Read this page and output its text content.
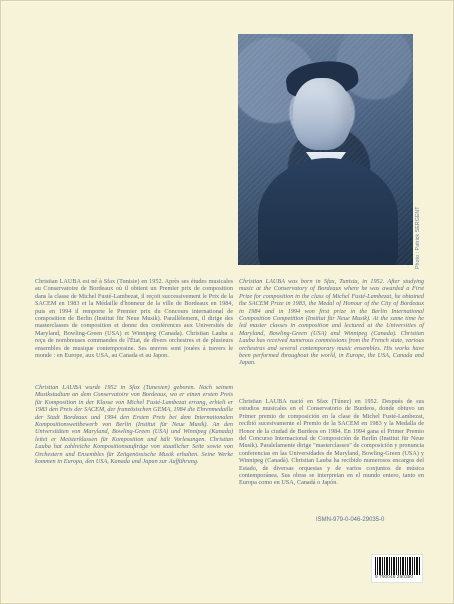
Photo : Patrick SERGENT

Christian LAUBA est né à Sfax (Tunisie) en 1952. Après ses études musicales au Conservatoire de Bordeaux où il obtient un Premier prix de composition dans la classe de Michel Fusté-Lambezat, il reçoit successivement le Prix de la SACEM en 1983 et la Médaille d'honneur de la ville de Bordeaux en 1984, puis en 1994 il remporte le Premier prix du Concours international de composition de Berlin (Institut für Neue Musik). Parallèlement, il dirige des masterclasses de composition et donne des conférences aux Universités de Maryland, Bowling-Green (USA) et Winnipeg (Canada). Christian Lauba a reçu de nombreuses commandes de l'État, de divers orchestres et de plusieurs ensembles de musique contemporaine. Ses œuvres sont jouées à travers le monde : en Europe, aux USA, au Canada et au Japon.

Christian LAUBA wurde 1952 in Sfax (Tunesien) geboren. Nach seinem Musikstudium an dem Conservatoire von Bordeaux, wo er einen ersten Preis für Komposition in der Klasse von Michel Fusté-Lambezat errang, erhielt er 1983 den Preis der SACEM, der französischen GEMA, 1984 die Ehrenmedaille der Stadt Bordeaux und 1994 den Ersten Preis bei dem Internationalen Kompositionswettbewerb von Berlin (Institut für Neue Musik). An den Universitäten von Maryland, Bowling-Green (USA) und Winnipeg (Kanada) leitet er Meisterklassen für Komposition und hält Vorlesungen. Christian Lauba hat zahlreiche Kompositionsaufträge von staatlicher Seite sowie von Orchestern und Ensembles für Zeitgenössische Musik erhalten. Seine Werke kommen in Europa, den USA, Kanada und Japan zur Aufführung.

Christian LAUBA was born in Sfax, Tunisia, in 1952. After studying music at the Conservatory of Bordeaux where he was awarded a First Prize for composition in the class of Michel Fusté-Lambezat, he obtained the SACEM Prize in 1983, the Medal of Honour of the City of Bordeaux in 1984 and in 1994 won first prize in the Berlin International Composition Competition (Institut für Neue Musik). At the same time he led master classes in composition and lectured at the Universities of Maryland, Bowling-Green (USA) and Winnipeg (Canada). Christian Lauba has received numerous commissions from the French state, various orchestras and several contemporary music ensembles. His works have been performed throughout the world, in Europe, the USA, Canada and Japan.

Christian LAUBA nació en Sfax (Túnez) en 1952. Después de sus estudios musicales en el Conservatorio de Burdeos, donde obtuvo un Primer premio de composición en la clase de Michel Fusté-Lambezat, recibió sucesivamente el Premio de la SACEM en 1983 y la Medalla de Honor de la ciudad de Burdeos en 1984. En 1994 gana el Primer Premio del Concurso Internacional de Composición de Berlín (Institut für Neue Musik). Paralelamente dirige "masterclasses" de composición y pronuncia conferencias en las Universidades de Maryland, Bowling-Green (USA) y Winnipeg (Canadá). Christian Lauba ha recibido numerosos encargos del Estado, de diversas orquestas y de varios conjuntos de música contemporánea. Sus obras se interpretan en el mundo entero, tanto en Europa como en USA, Canadá o Japón.

ISMN-979-0-046-29035-0
9 790046 290350
